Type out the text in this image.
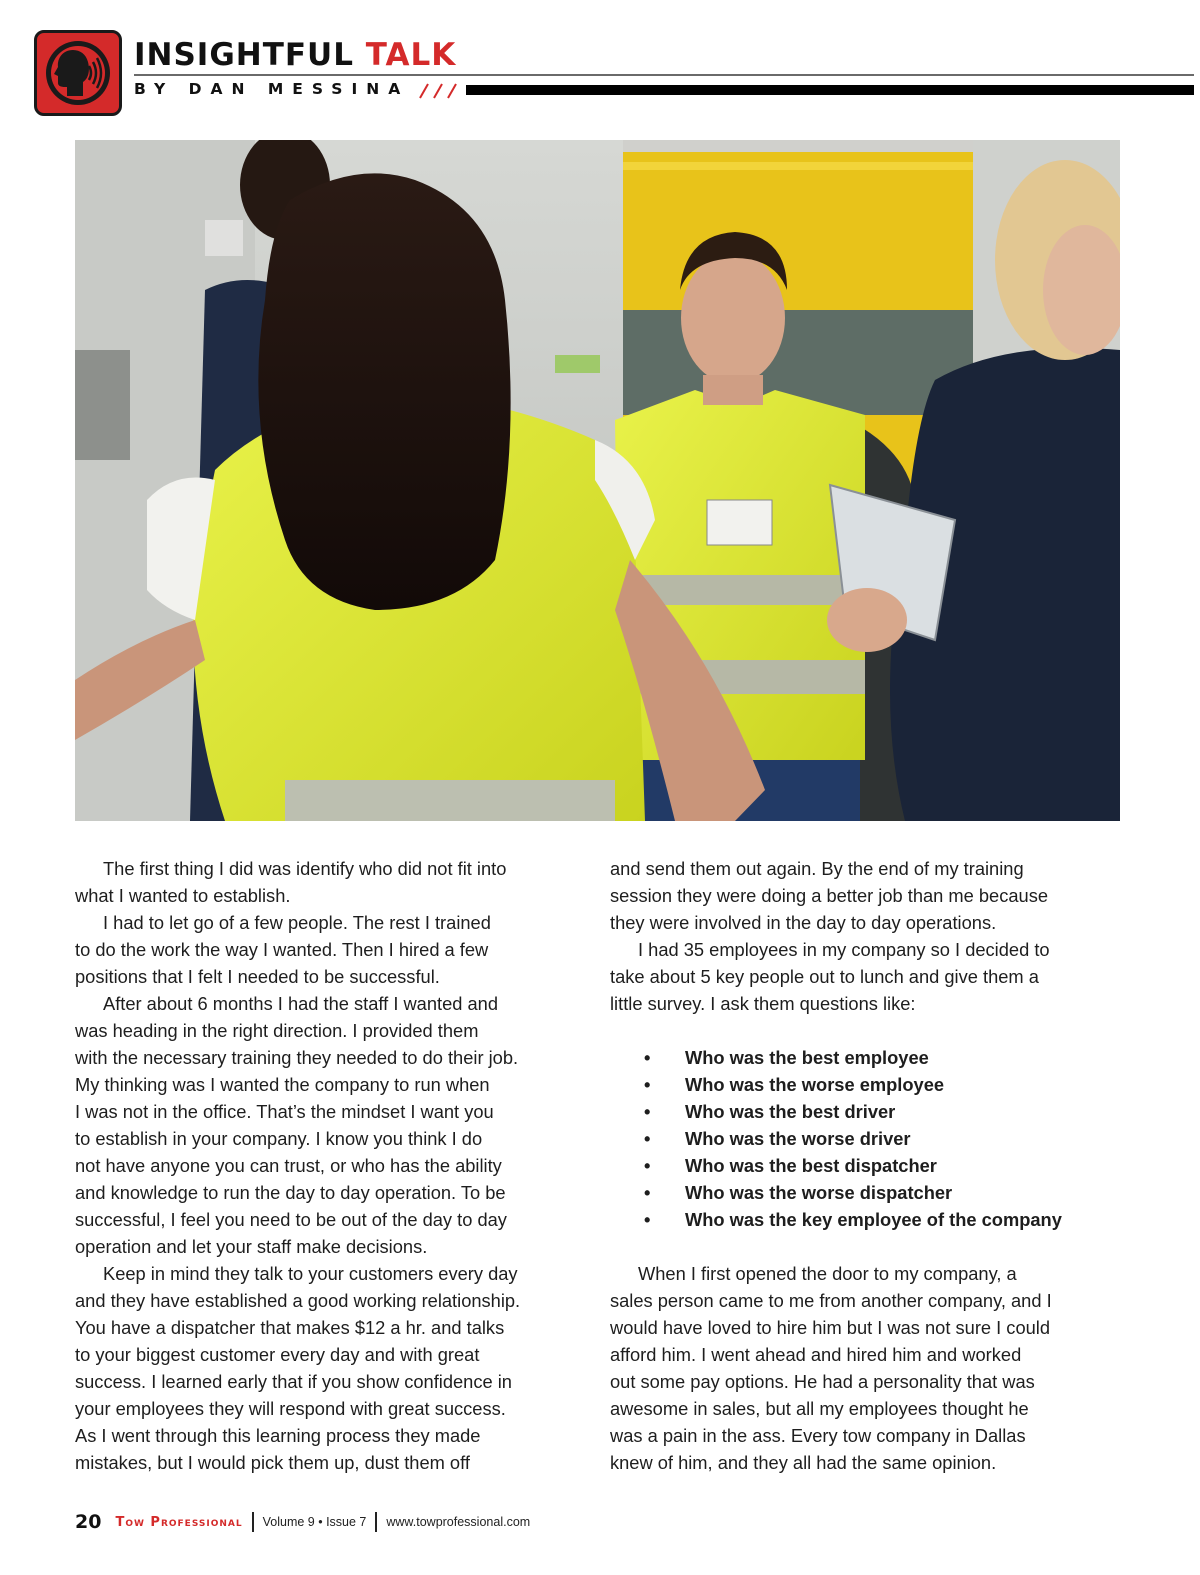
INSIGHTFUL TALK
BY DAN MESSINA

The first thing I did was identify who did not fit into

what I wanted to establish.

I had to let go of a few people. The rest I trained

to do the work the way I wanted. Then I hired a few

positions that I felt I needed to be successful.

After about 6 months I had the staff I wanted and

was heading in the right direction. I provided them

with the necessary training they needed to do their job.

My thinking was I wanted the company to run when

I was not in the office. That’s the mindset I want you

to establish in your company. I know you think I do

not have anyone you can trust, or who has the ability

and knowledge to run the day to day operation. To be

successful, I feel you need to be out of the day to day

operation and let your staff make decisions.

Keep in mind they talk to your customers every day

and they have established a good working relationship.

You have a dispatcher that makes $12 a hr. and talks

to your biggest customer every day and with great

success. I learned early that if you show confidence in

your employees they will respond with great success.

As I went through this learning process they made

mistakes, but I would pick them up, dust them off

and send them out again. By the end of my training

session they were doing a better job than me because

they were involved in the day to day operations.

I had 35 employees in my company so I decided to

take about 5 key people out to lunch and give them a

little survey. I ask them questions like:

• Who was the best employee
• Who was the worse employee
• Who was the best driver
• Who was the worse driver
• Who was the best dispatcher
• Who was the worse dispatcher
• Who was the key employee of the company

When I first opened the door to my company, a

sales person came to me from another company, and I

would have loved to hire him but I was not sure I could

afford him. I went ahead and hired him and worked

out some pay options. He had a personality that was

awesome in sales, but all my employees thought he

was a pain in the ass. Every tow company in Dallas

knew of him, and they all had the same opinion.

20 Tow Professional Volume 9 • Issue 7 www.towprofessional.com
